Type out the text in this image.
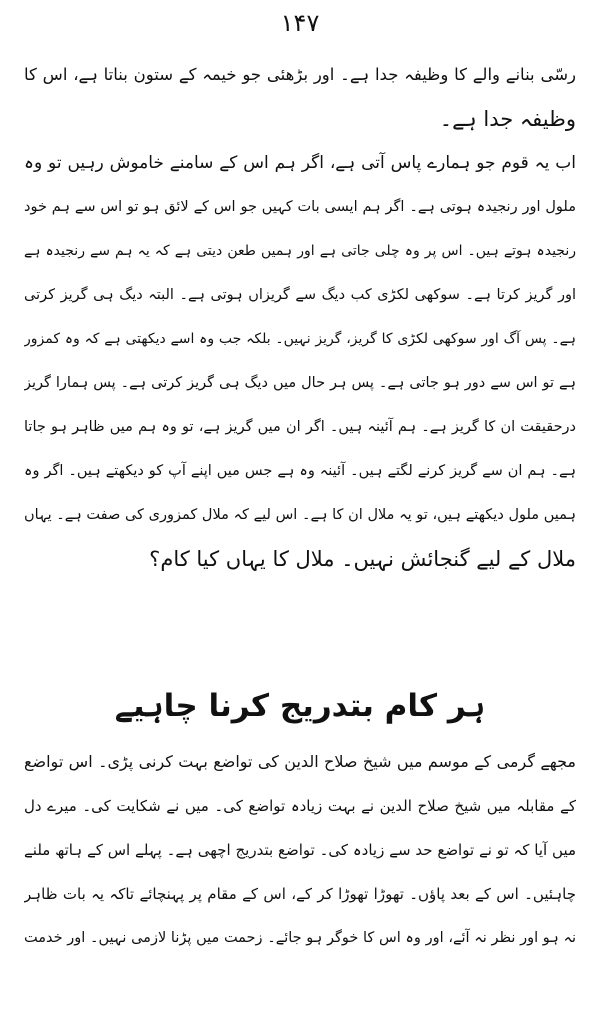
۱۴۷
رسّی بنانے والے کا وظیفہ جدا ہے۔ اور بڑھئی جو خیمہ کے ستون بناتا ہے، اس کا
وظیفہ جدا ہے۔
اب یہ قوم جو ہمارے پاس آتی ہے، اگر ہم اس کے سامنے خاموش رہیں تو وہ
ملول اور رنجیدہ ہوتی ہے۔ اگر ہم ایسی بات کہیں جو اس کے لائق ہو تو اس سے ہم خود
رنجیدہ ہوتے ہیں۔ اس پر وہ چلی جاتی ہے اور ہمیں طعن دیتی ہے کہ یہ ہم سے رنجیدہ ہے
اور گریز کرتا ہے۔ سوکھی لکڑی کب دیگ سے گریزاں ہوتی ہے۔ البتہ دیگ ہی گریز کرتی
ہے۔ پس آگ اور سوکھی لکڑی کا گریز، گریز نہیں۔ بلکہ جب وہ اسے دیکھتی ہے کہ وہ کمزور
ہے تو اس سے دور ہو جاتی ہے۔ پس ہر حال میں دیگ ہی گریز کرتی ہے۔ پس ہمارا گریز
درحقیقت ان کا گریز ہے۔ ہم آئینہ ہیں۔ اگر ان میں گریز ہے، تو وہ ہم میں ظاہر ہو جاتا
ہے۔ ہم ان سے گریز کرنے لگتے ہیں۔ آئینہ وہ ہے جس میں اپنے آپ کو دیکھتے ہیں۔ اگر وہ
ہمیں ملول دیکھتے ہیں، تو یہ ملال ان کا ہے۔ اس لیے کہ ملال کمزوری کی صفت ہے۔ یہاں
ملال کے لیے گنجائش نہیں۔ ملال کا یہاں کیا کام؟
ہر کام بتدریج کرنا چاہیے
مجھے گرمی کے موسم میں شیخ صلاح الدین کی تواضع بہت کرنی پڑی۔ اس تواضع
کے مقابلہ میں شیخ صلاح الدین نے بہت زیادہ تواضع کی۔ میں نے شکایت کی۔ میرے دل
میں آیا کہ تو نے تواضع حد سے زیادہ کی۔ تواضع بتدریج اچھی ہے۔ پہلے اس کے ہاتھ ملنے
چاہئیں۔ اس کے بعد پاؤں۔ تھوڑا تھوڑا کر کے، اس کے مقام پر پہنچائے تاکہ یہ بات ظاہر
نہ ہو اور نظر نہ آئے، اور وہ اس کا خوگر ہو جائے۔ زحمت میں پڑنا لازمی نہیں۔ اور خدمت
